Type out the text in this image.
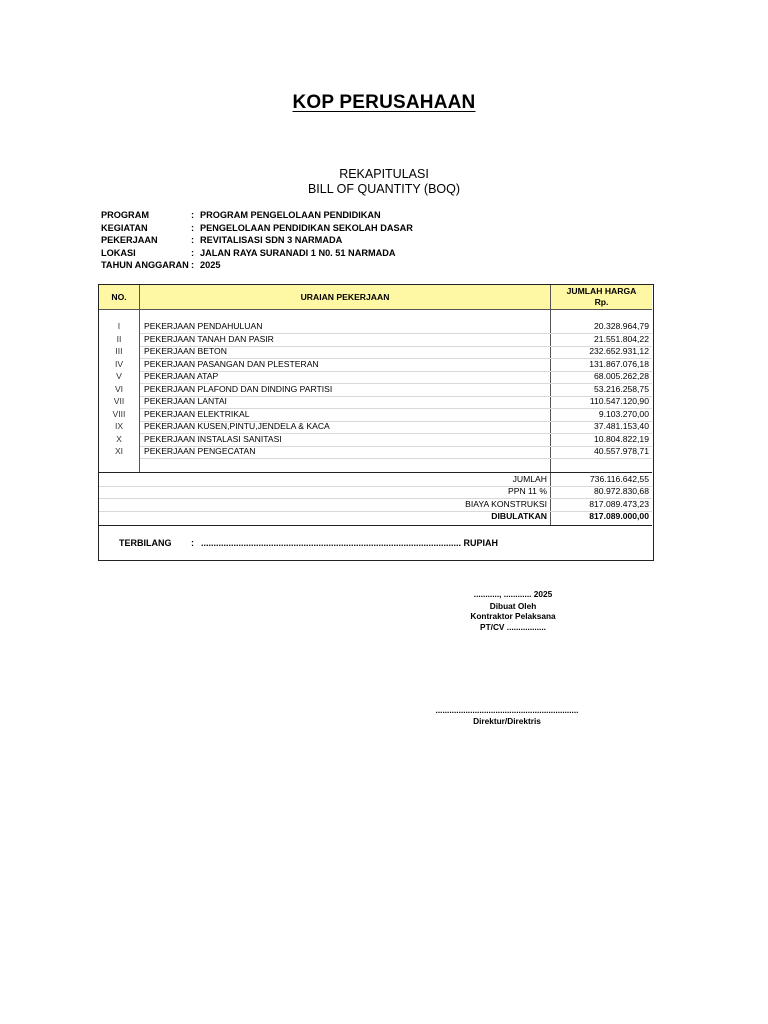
KOP PERUSAHAAN
REKAPITULASI
BILL OF QUANTITY (BOQ)
PROGRAM	: PROGRAM PENGELOLAAN PENDIDIKAN
KEGIATAN	: PENGELOLAAN PENDIDIKAN SEKOLAH DASAR
PEKERJAAN	: REVITALISASI SDN 3 NARMADA
LOKASI	: JALAN RAYA SURANADI 1 N0. 51 NARMADA
TAHUN ANGGARAN : 2025
NO.	URAIAN PEKERJAAN
JUMLAH HARGA
Rp.
TERBILANG : ........................................................................................................ RUPIAH
I	PEKERJAAN PENDAHULUAN	20.328.964,79
II	PEKERJAAN TANAH DAN PASIR	21.551.804,22
III	PEKERJAAN BETON	232.652.931,12
IV	PEKERJAAN PASANGAN DAN PLESTERAN	131.867.076,18
V	PEKERJAAN ATAP	68.005.262,28
VI	PEKERJAAN PLAFOND DAN DINDING PARTISI	53.216.258,75
VII	PEKERJAAN LANTAI	110.547.120,90
VIII	PEKERJAAN ELEKTRIKAL	9.103.270,00
IX	PEKERJAAN KUSEN,PINTU,JENDELA & KACA	37.481.153,40
X	PEKERJAAN INSTALASI SANITASI	10.804.822,19
XI	PEKERJAAN PENGECATAN	40.557.978,71
JUMLAH	736.116.642,55
PPN 11 %	80.972.830,68
BIAYA KONSTRUKSI	817.089.473,23
DIBULATKAN	817.089.000,00
..........., ............ 2025
Dibuat Oleh
Kontraktor Pelaksana
PT/CV .................
..............................................................
Direktur/Direktris
